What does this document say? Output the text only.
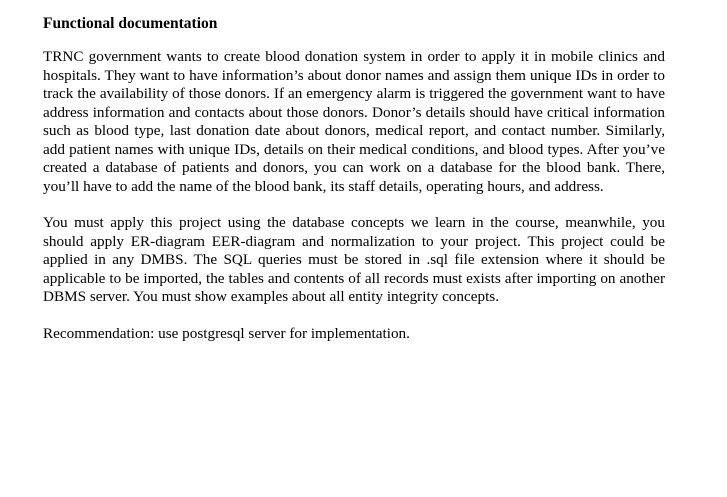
Functional documentation

TRNC government wants to create blood donation system in order to apply it in mobile clinics and hospitals. They want to have information’s about donor names and assign them unique IDs in order to track the availability of those donors. If an emergency alarm is triggered the government want to have address information and contacts about those donors. Donor’s details should have critical information such as blood type, last donation date about donors, medical report, and contact number. Similarly, add patient names with unique IDs, details on their medical conditions, and blood types. After you’ve created a database of patients and donors, you can work on a database for the blood bank. There, you’ll have to add the name of the blood bank, its staff details, operating hours, and address.

You must apply this project using the database concepts we learn in the course, meanwhile, you should apply ER-diagram EER-diagram and normalization to your project. This project could be applied in any DMBS. The SQL queries must be stored in .sql file extension where it should be applicable to be imported, the tables and contents of all records must exists after importing on another DBMS server. You must show examples about all entity integrity concepts.

Recommendation: use postgresql server for implementation.
